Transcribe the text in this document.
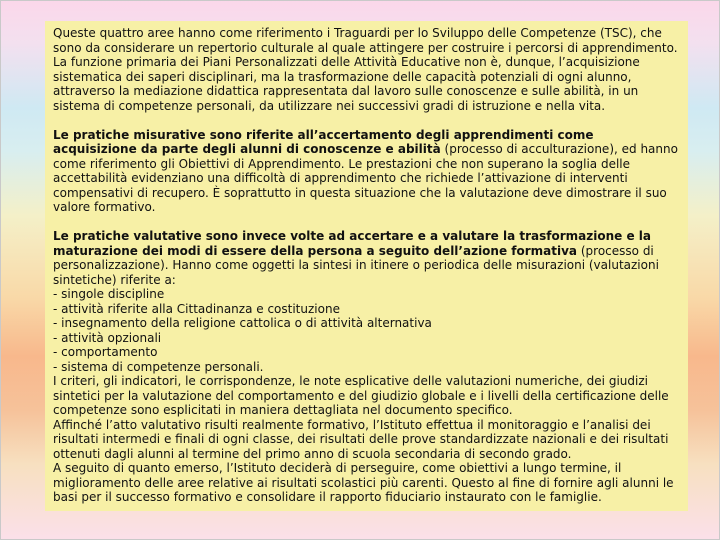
Queste quattro aree hanno come riferimento i Traguardi per lo Sviluppo delle Competenze (TSC), che sono da considerare un repertorio culturale al quale attingere per costruire i percorsi di apprendimento.

La funzione primaria dei Piani Personalizzati delle Attività Educative non è, dunque, l’acquisizione sistematica dei saperi disciplinari, ma la trasformazione delle capacità potenziali di ogni alunno, attraverso la mediazione didattica rappresentata dal lavoro sulle conoscenze e sulle abilità, in un sistema di competenze personali, da utilizzare nei successivi gradi di istruzione e nella vita.

Le pratiche misurative sono riferite all’accertamento degli apprendimenti come acquisizione da parte degli alunni di conoscenze e abilità (processo di acculturazione), ed hanno come riferimento gli Obiettivi di Apprendimento. Le prestazioni che non superano la soglia delle accettabilità evidenziano una difficoltà di apprendimento che richiede l’attivazione di interventi compensativi di recupero. È soprattutto in questa situazione che la valutazione deve dimostrare il suo valore formativo.

Le pratiche valutative sono invece volte ad accertare e a valutare la trasformazione e la maturazione dei modi di essere della persona a seguito dell’azione formativa (processo di personalizzazione). Hanno come oggetti la sintesi in itinere o periodica delle misurazioni (valutazioni sintetiche) riferite a:

- singole discipline
- attività riferite alla Cittadinanza e costituzione
- insegnamento della religione cattolica o di attività alternativa
- attività opzionali
- comportamento
- sistema di competenze personali.

I criteri, gli indicatori, le corrispondenze, le note esplicative delle valutazioni numeriche, dei giudizi sintetici per la valutazione del comportamento e del giudizio globale e i livelli della certificazione delle competenze sono esplicitati in maniera dettagliata nel documento specifico.

Affinché l’atto valutativo risulti realmente formativo, l’Istituto effettua il monitoraggio e l’analisi dei risultati intermedi e finali di ogni classe, dei risultati delle prove standardizzate nazionali e dei risultati ottenuti dagli alunni al termine del primo anno di scuola secondaria di secondo grado.

A seguito di quanto emerso, l’Istituto deciderà di perseguire, come obiettivi a lungo termine, il miglioramento delle aree relative ai risultati scolastici più carenti. Questo al fine di fornire agli alunni le basi per il successo formativo e consolidare il rapporto fiduciario instaurato con le famiglie.
